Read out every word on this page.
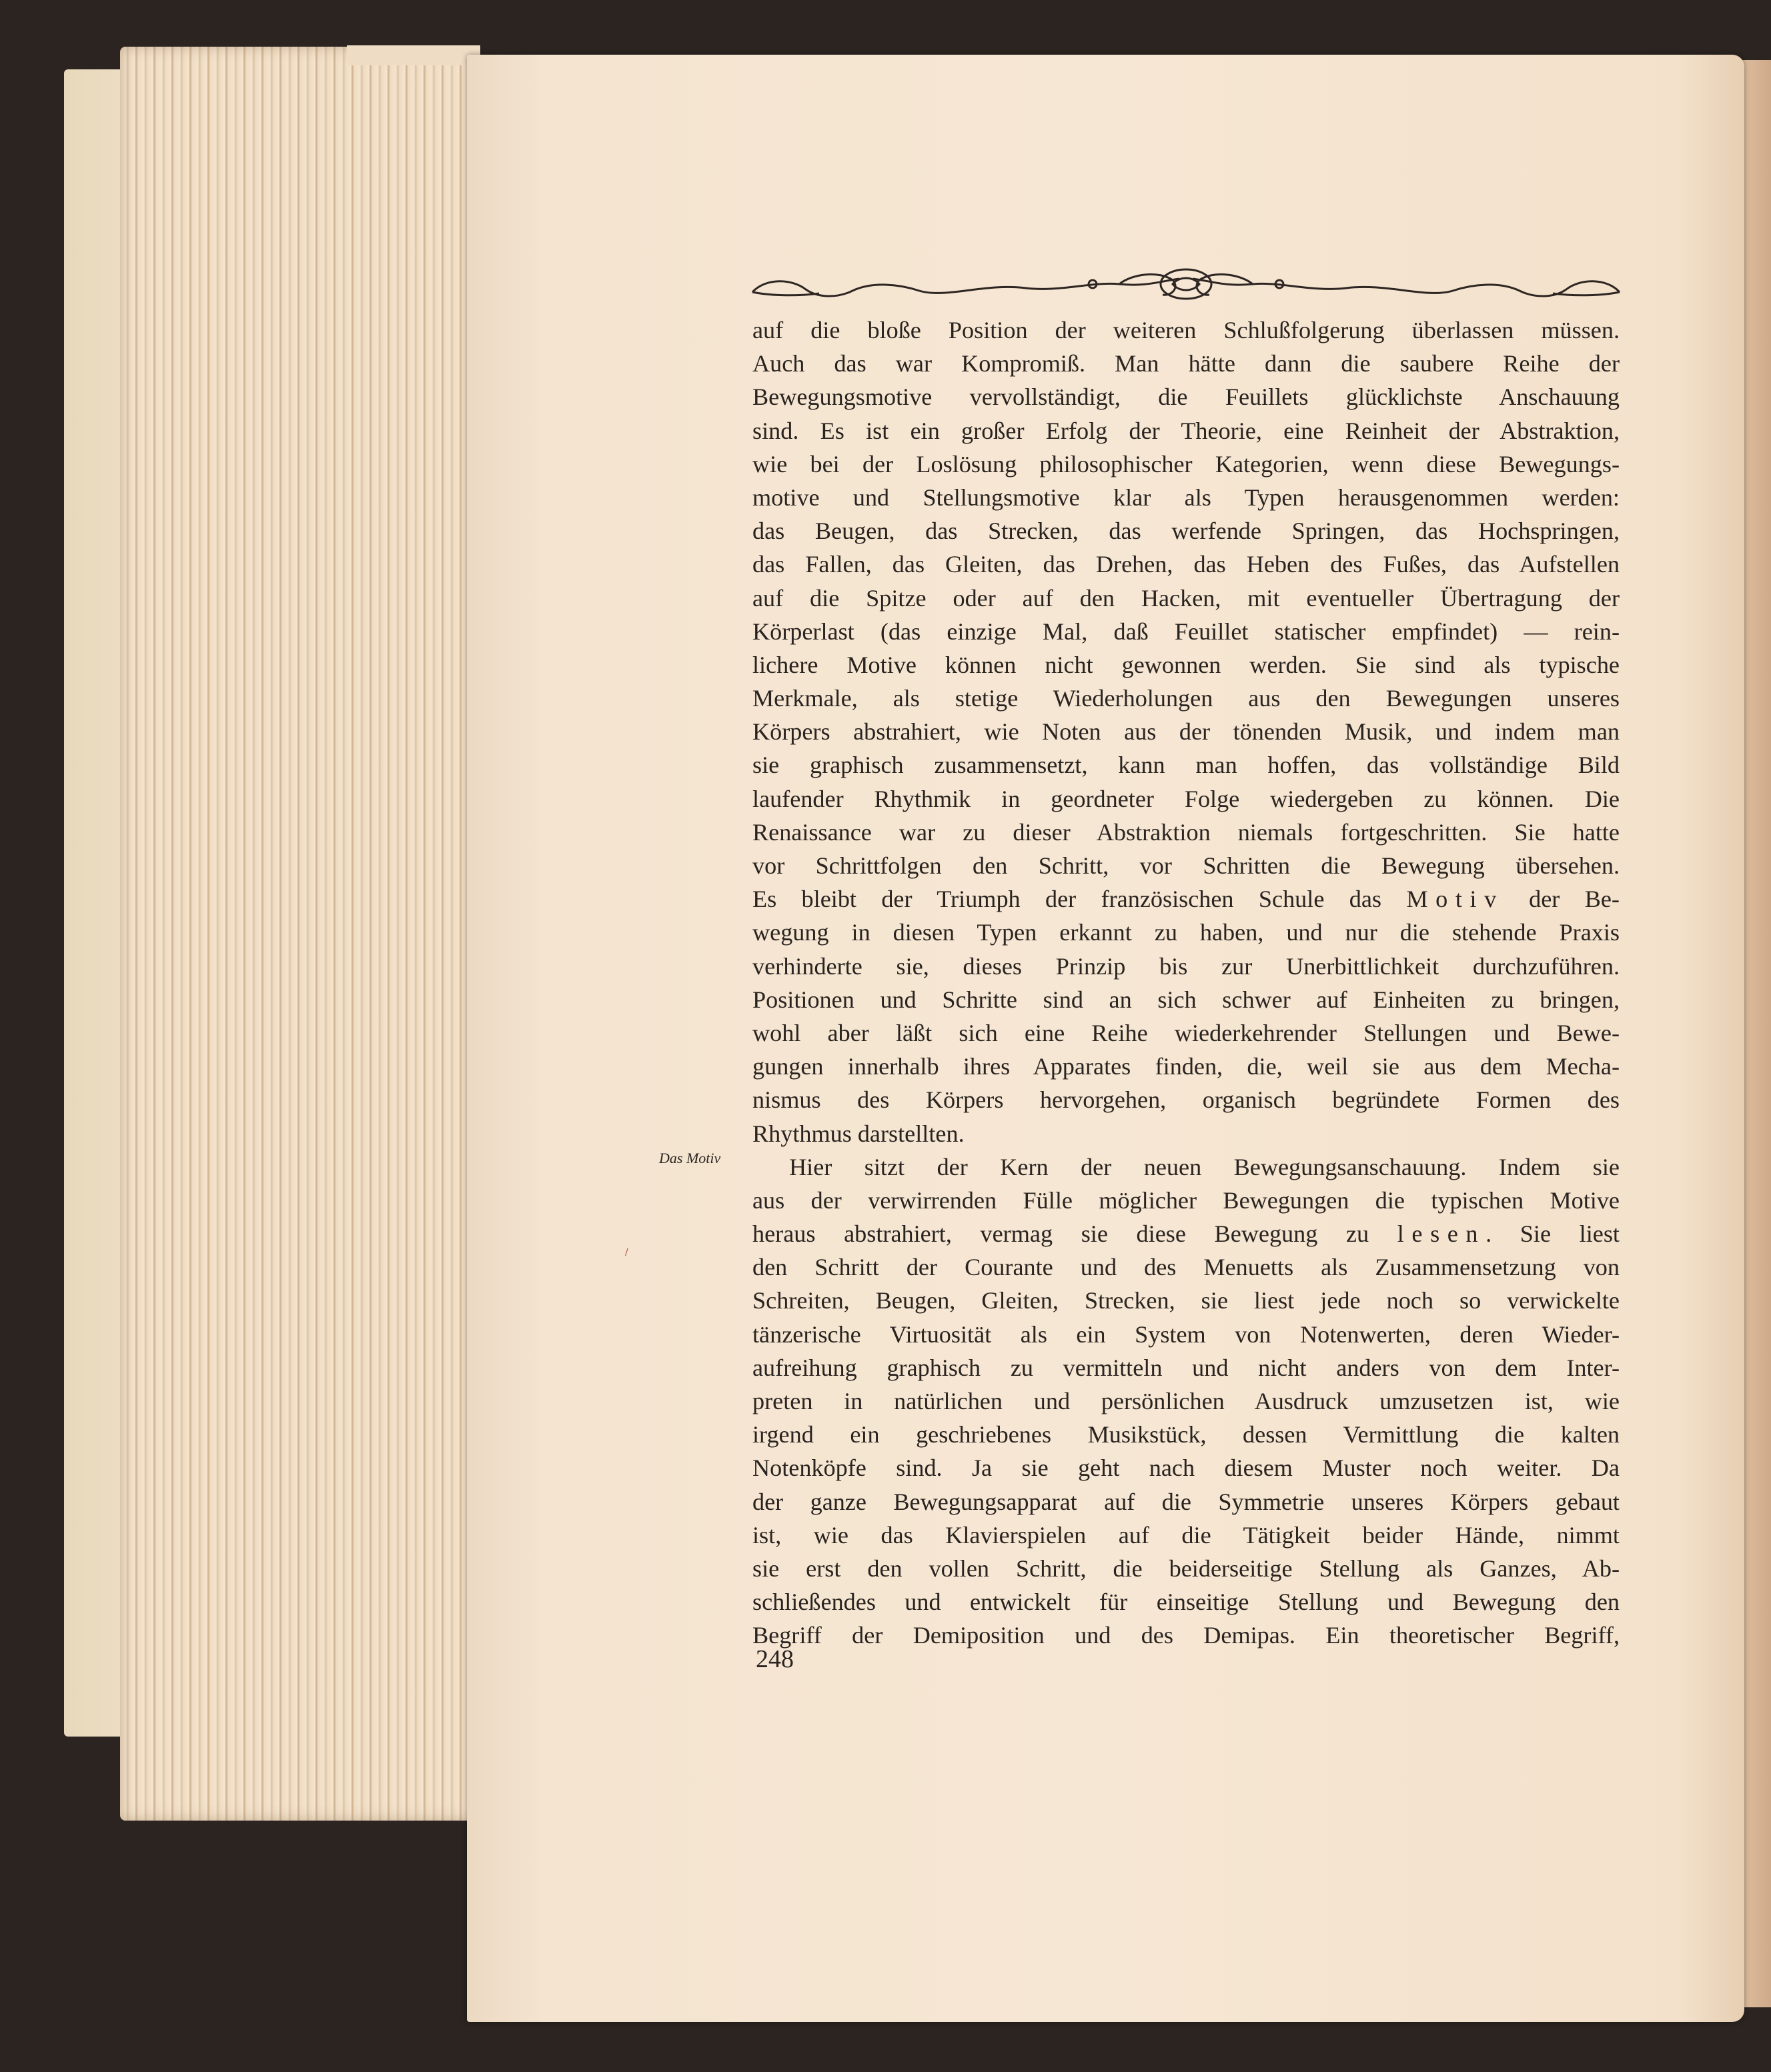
auf die bloße Position der weiteren Schlußfolgerung überlassen müssen.
Auch das war Kompromiß. Man hätte dann die saubere Reihe der
Bewegungsmotive vervollständigt, die Feuillets glücklichste Anschauung
sind. Es ist ein großer Erfolg der Theorie, eine Reinheit der Abstraktion,
wie bei der Loslösung philosophischer Kategorien, wenn diese Bewegungs-
motive und Stellungsmotive klar als Typen herausgenommen werden:
das Beugen, das Strecken, das werfende Springen, das Hochspringen,
das Fallen, das Gleiten, das Drehen, das Heben des Fußes, das Aufstellen
auf die Spitze oder auf den Hacken, mit eventueller Übertragung der
Körperlast (das einzige Mal, daß Feuillet statischer empfindet) — rein-
lichere Motive können nicht gewonnen werden. Sie sind als typische
Merkmale, als stetige Wiederholungen aus den Bewegungen unseres
Körpers abstrahiert, wie Noten aus der tönenden Musik, und indem man
sie graphisch zusammensetzt, kann man hoffen, das vollständige Bild
laufender Rhythmik in geordneter Folge wiedergeben zu können. Die
Renaissance war zu dieser Abstraktion niemals fortgeschritten. Sie hatte
vor Schrittfolgen den Schritt, vor Schritten die Bewegung übersehen.
Es bleibt der Triumph der französischen Schule das Motiv der Be-
wegung in diesen Typen erkannt zu haben, und nur die stehende Praxis
verhinderte sie, dieses Prinzip bis zur Unerbittlichkeit durchzuführen.
Positionen und Schritte sind an sich schwer auf Einheiten zu bringen,
wohl aber läßt sich eine Reihe wiederkehrender Stellungen und Bewe-
gungen innerhalb ihres Apparates finden, die, weil sie aus dem Mecha-
nismus des Körpers hervorgehen, organisch begründete Formen des
Rhythmus darstellten.
Hier sitzt der Kern der neuen Bewegungsanschauung. Indem sie
aus der verwirrenden Fülle möglicher Bewegungen die typischen Motive
heraus abstrahiert, vermag sie diese Bewegung zu lesen. Sie liest
den Schritt der Courante und des Menuetts als Zusammensetzung von
Schreiten, Beugen, Gleiten, Strecken, sie liest jede noch so verwickelte
tänzerische Virtuosität als ein System von Notenwerten, deren Wieder-
aufreihung graphisch zu vermitteln und nicht anders von dem Inter-
preten in natürlichen und persönlichen Ausdruck umzusetzen ist, wie
irgend ein geschriebenes Musikstück, dessen Vermittlung die kalten
Notenköpfe sind. Ja sie geht nach diesem Muster noch weiter. Da
der ganze Bewegungsapparat auf die Symmetrie unseres Körpers gebaut
ist, wie das Klavierspielen auf die Tätigkeit beider Hände, nimmt
sie erst den vollen Schritt, die beiderseitige Stellung als Ganzes, Ab-
schließendes und entwickelt für einseitige Stellung und Bewegung den
Begriff der Demiposition und des Demipas. Ein theoretischer Begriff,
Das Motiv
/
248
